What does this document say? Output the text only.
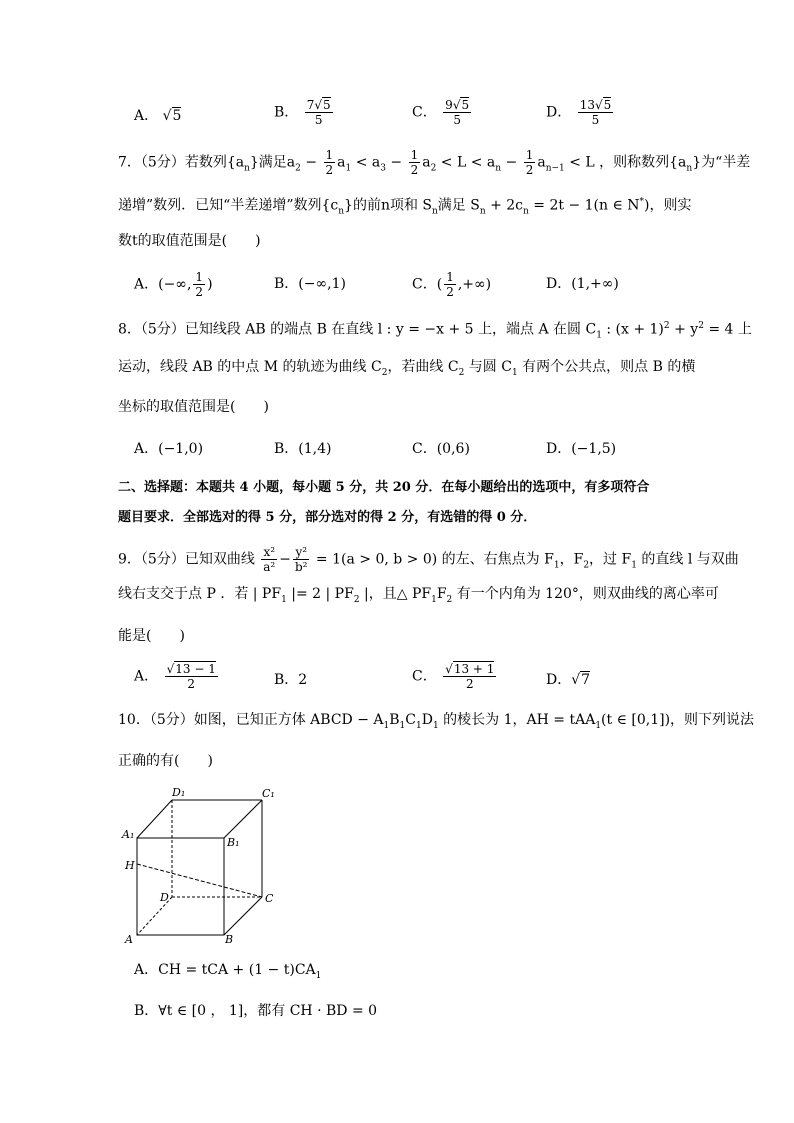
A． √5	B． $\frac{7√5}{5}$	C． $\frac{9√5}{5}$	D． $\frac{13√5}{5}$
7．（5分）若数列$\{a_n\}$满足$a_2 - \frac{1}{2} a_1 < a_3 - \frac{1}{2} a_2 < L < a_n - \frac{1}{2} a_{n-1} < L$ ，则称数列$\{a_n\}$为“半差
递增”数列．已知“半差递增”数列$\{c_n\}$的前n项和 $S_n$满足 $S_n + 2c_n = 2t - 1(n$ ∈ N*)，则实
数t的取值范围是(　　)
A．(−∞, $\frac{1}{2}$ )	B．(−∞,1)	C．( $\frac{1}{2}$ ,+∞)	D．(1,+∞)
8．（5分）已知线段 AB 的端点 B 在直线 l : y = −x + 5 上，端点 A 在圆 $C_1$ : $(x + 1)^2 + y^2 = 4$ 上
运动，线段 AB 的中点 M 的轨迹为曲线 $C_2$，若曲线 $C_2$ 与圆 $C_1$ 有两个公共点，则点 B 的横
坐标的取值范围是(　　)
A．(−1,0)	B．(1,4)	C．(0,6)	D．(−1,5)
二、选择题：本题共 4 小题，每小题 5 分，共 20 分．在每小题给出的选项中，有多项符合
题目要求．全部选对的得 5 分，部分选对的得 2 分，有选错的得 0 分．
9．（5分）已知双曲线 $\frac{\text{x²}}{\text{a²}} - \frac{\text{y²}}{\text{b²}} = 1(a > 0$, b > 0) 的左、右焦点为 $F_1$，$F_2$，过 $F_1$ 的直线 l 与双曲
线右支交于点 P ．若 | $PF_1$ |= 2 | $PF_2$ |，且△ $PF_1F_2$ 有一个内角为 120°，则双曲线的离心率可
能是(　　)
A． $\frac{√13 - 1}{2}$	B．2	C． $\frac{√13 + 1}{2}$	D．√7
10．（5分）如图，已知正方体 ABCD − $A_1B_1C_1D_1$ 的棱长为 1，AH = tAA$_1$(t ∈ [0,1])，则下列说法
正确的有(　　)
D₁	C₁
A₁
B₁
H
D	C
A	B
A．CH = tCA + $(1 - t)CA_1$
B．∀t ∈ [0 ， 1]，都有 CH · BD = 0
